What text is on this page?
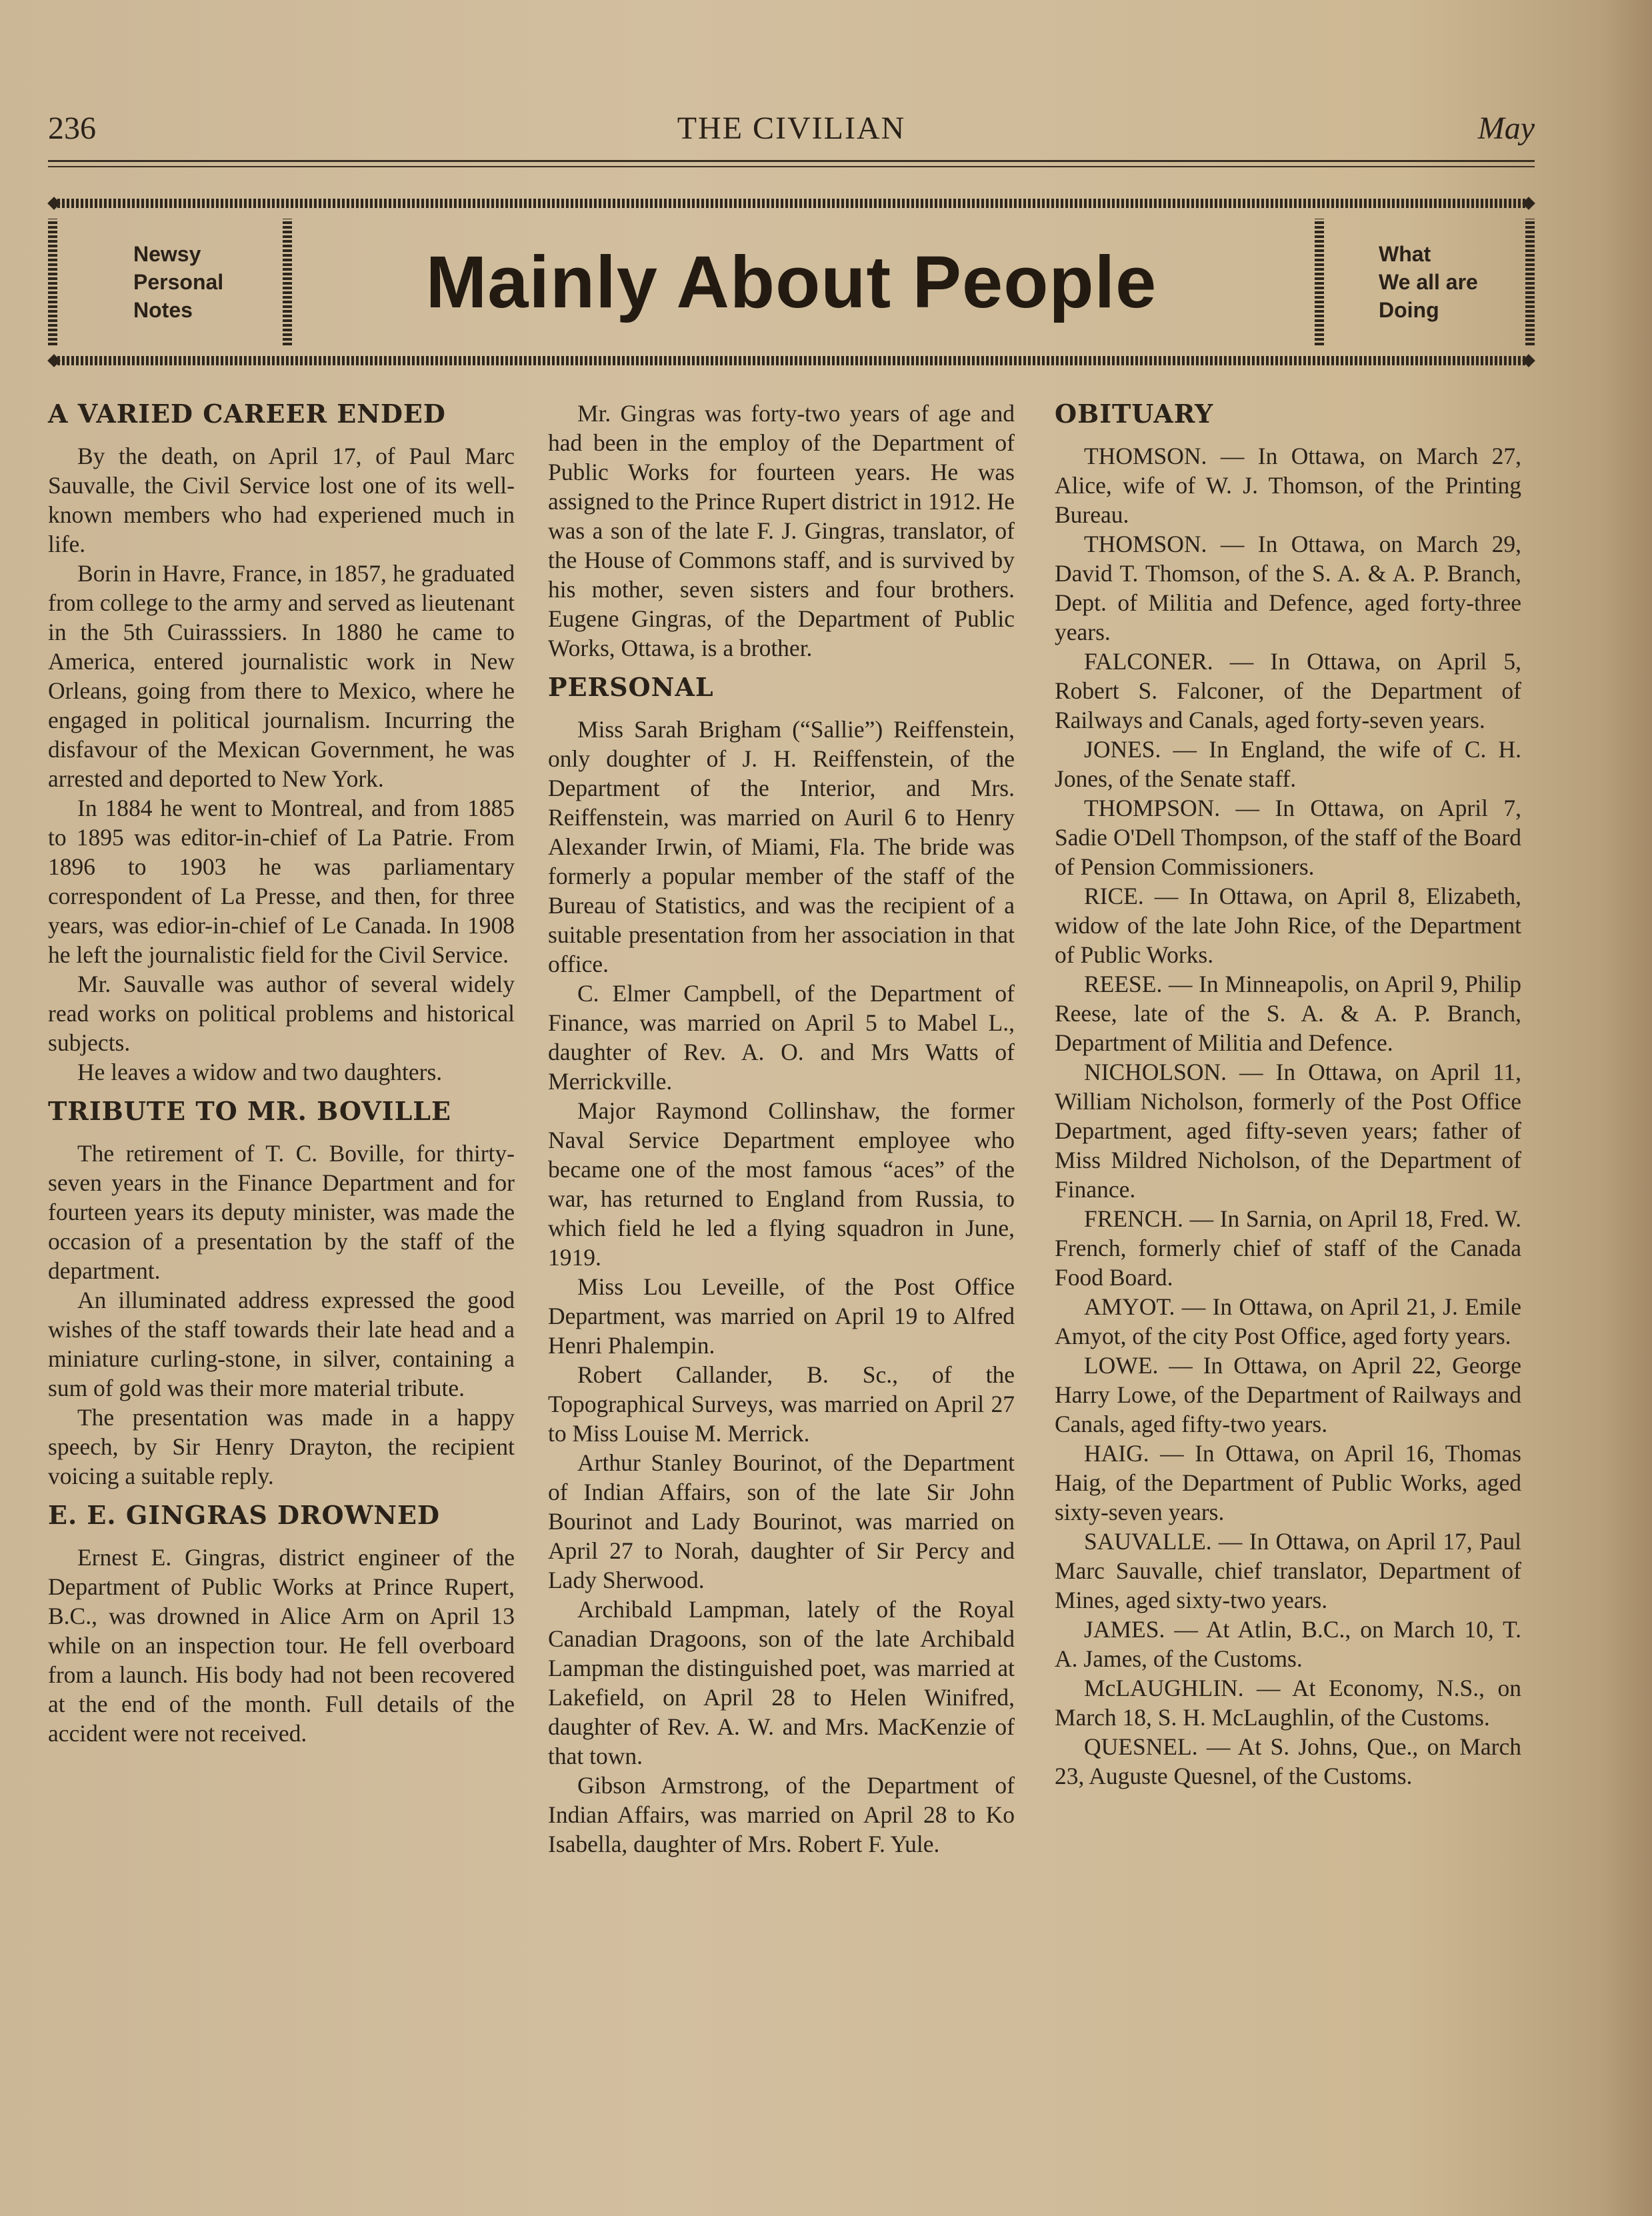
236	THE CIVILIAN	May
Newsy
Personal
Notes	Mainly About People	What
We all are
Doing
A VARIED CAREER ENDED

By the death, on April 17, of Paul Marc Sauvalle, the Civil Service lost one of its well-known members who had experiened much in life.

Borin in Havre, France, in 1857, he graduated from college to the army and served as lieutenant in the 5th Cuirasssiers. In 1880 he came to America, entered journalistic work in New Orleans, going from there to Mexico, where he engaged in political journalism. Incurring the disfavour of the Mexican Government, he was arrested and deported to New York.

In 1884 he went to Montreal, and from 1885 to 1895 was editor-in-chief of La Patrie. From 1896 to 1903 he was parliamentary correspondent of La Presse, and then, for three years, was edior-in-chief of Le Canada. In 1908 he left the journalistic field for the Civil Service.

Mr. Sauvalle was author of several widely read works on political problems and historical subjects.

He leaves a widow and two daughters.

TRIBUTE TO MR. BOVILLE

The retirement of T. C. Boville, for thirty-seven years in the Finance Department and for fourteen years its deputy minister, was made the occasion of a presentation by the staff of the department.

An illuminated address expressed the good wishes of the staff towards their late head and a miniature curling-stone, in silver, containing a sum of gold was their more material tribute.

The presentation was made in a happy speech, by Sir Henry Drayton, the recipient voicing a suitable reply.

E. E. GINGRAS DROWNED

Ernest E. Gingras, district engineer of the Department of Public Works at Prince Rupert, B.C., was drowned in Alice Arm on April 13 while on an inspection tour. He fell overboard from a launch. His body had not been recovered at the end of the month. Full details of the accident were not received.

Mr. Gingras was forty-two years of age and had been in the employ of the Department of Public Works for fourteen years. He was assigned to the Prince Rupert district in 1912. He was a son of the late F. J. Gingras, translator, of the House of Commons staff, and is survived by his mother, seven sisters and four brothers. Eugene Gingras, of the Department of Public Works, Ottawa, is a brother.

PERSONAL

Miss Sarah Brigham (“Sallie”) Reiffenstein, only doughter of J. H. Reiffenstein, of the Department of the Interior, and Mrs. Reiffenstein, was married on Auril 6 to Henry Alexander Irwin, of Miami, Fla. The bride was formerly a popular member of the staff of the Bureau of Statistics, and was the recipient of a suitable presentation from her association in that office.

C. Elmer Campbell, of the Department of Finance, was married on April 5 to Mabel L., daughter of Rev. A. O. and Mrs Watts of Merrickville.

Major Raymond Collinshaw, the former Naval Service Department employee who became one of the most famous “aces” of the war, has returned to England from Russia, to which field he led a flying squadron in June, 1919.

Miss Lou Leveille, of the Post Office Department, was married on April 19 to Alfred Henri Phalempin.

Robert Callander, B. Sc., of the Topographical Surveys, was married on April 27 to Miss Louise M. Merrick.

Arthur Stanley Bourinot, of the Department of Indian Affairs, son of the late Sir John Bourinot and Lady Bourinot, was married on April 27 to Norah, daughter of Sir Percy and Lady Sherwood.

Archibald Lampman, lately of the Royal Canadian Dragoons, son of the late Archibald Lampman the distinguished poet, was married at Lakefield, on April 28 to Helen Winifred, daughter of Rev. A. W. and Mrs. MacKenzie of that town.

Gibson Armstrong, of the Department of Indian Affairs, was married on April 28 to Ko Isabella, daughter of Mrs. Robert F. Yule.

OBITUARY

THOMSON. — In Ottawa, on March 27, Alice, wife of W. J. Thomson, of the Printing Bureau.

THOMSON. — In Ottawa, on March 29, David T. Thomson, of the S. A. & A. P. Branch, Dept. of Militia and Defence, aged forty-three years.

FALCONER. — In Ottawa, on April 5, Robert S. Falconer, of the Department of Railways and Canals, aged forty-seven years.

JONES. — In England, the wife of C. H. Jones, of the Senate staff.

THOMPSON. — In Ottawa, on April 7, Sadie O'Dell Thompson, of the staff of the Board of Pension Commissioners.

RICE. — In Ottawa, on April 8, Elizabeth, widow of the late John Rice, of the Department of Public Works.

REESE. — In Minneapolis, on April 9, Philip Reese, late of the S. A. & A. P. Branch, Department of Militia and Defence.

NICHOLSON. — In Ottawa, on April 11, William Nicholson, formerly of the Post Office Department, aged fifty-seven years; father of Miss Mildred Nicholson, of the Department of Finance.

FRENCH. — In Sarnia, on April 18, Fred. W. French, formerly chief of staff of the Canada Food Board.

AMYOT. — In Ottawa, on April 21, J. Emile Amyot, of the city Post Office, aged forty years.

LOWE. — In Ottawa, on April 22, George Harry Lowe, of the Department of Railways and Canals, aged fifty-two years.

HAIG. — In Ottawa, on April 16, Thomas Haig, of the Department of Public Works, aged sixty-seven years.

SAUVALLE. — In Ottawa, on April 17, Paul Marc Sauvalle, chief translator, Department of Mines, aged sixty-two years.

JAMES. — At Atlin, B.C., on March 10, T. A. James, of the Customs.

McLAUGHLIN. — At Economy, N.S., on March 18, S. H. McLaughlin, of the Customs.

QUESNEL. — At S. Johns, Que., on March 23, Auguste Quesnel, of the Customs.
